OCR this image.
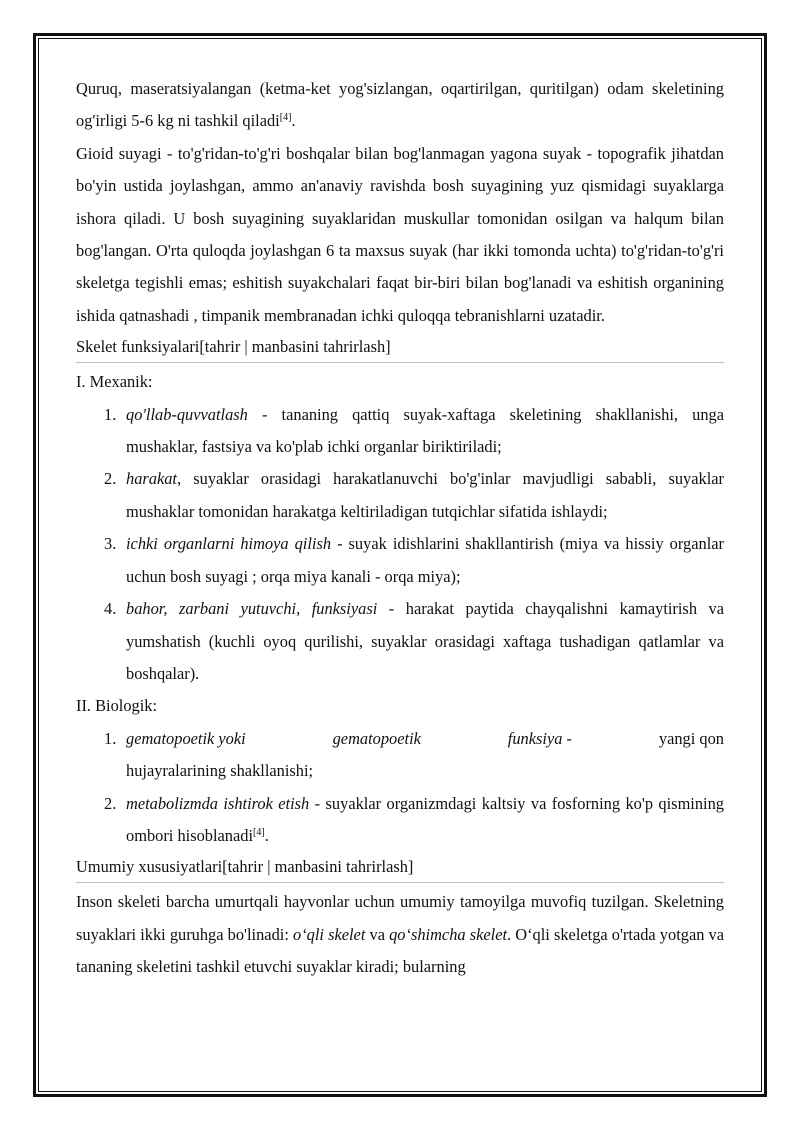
Quruq, maseratsiyalangan (ketma-ket yog'sizlangan, oqartirilgan, quritilgan) odam skeletining og'irligi 5-6 kg ni tashkil qiladi[4].

Gioid suyagi - to'g'ridan-to'g'ri boshqalar bilan bog'lanmagan yagona suyak - topografik jihatdan bo'yin ustida joylashgan, ammo an'anaviy ravishda bosh suyagining yuz qismidagi suyaklarga ishora qiladi. U bosh suyagining suyaklaridan muskullar tomonidan osilgan va halqum bilan bog'langan. O'rta quloqda joylashgan 6 ta maxsus suyak (har ikki tomonda uchta) to'g'ridan-to'g'ri skeletga tegishli emas; eshitish suyakchalari faqat bir-biri bilan bog'lanadi va eshitish organining ishida qatnashadi , timpanik membranadan ichki quloqqa tebranishlarni uzatadir.

Skelet funksiyalari[tahrir | manbasini tahrirlash]
I. Mexanik:
1. qo'llab-quvvatlash - tananing qattiq suyak-xaftaga skeletining shakllanishi, unga mushaklar, fastsiya va ko'plab ichki organlar biriktiriladi;
2. harakat, suyaklar orasidagi harakatlanuvchi bo'g'inlar mavjudligi sababli, suyaklar mushaklar tomonidan harakatga keltiriladigan tutqichlar sifatida ishlaydi;
3. ichki organlarni himoya qilish - suyak idishlarini shakllantirish (miya va hissiy organlar uchun bosh suyagi ; orqa miya kanali - orqa miya);
4. bahor, zarbani yutuvchi, funksiyasi - harakat paytida chayqalishni kamaytirish va yumshatish (kuchli oyoq qurilishi, suyaklar orasidagi xaftaga tushadigan qatlamlar va boshqalar).
II. Biologik:
1. gematopoetik yoki	gematopoetik	funksiya -	yangi qon
hujayralarining shakllanishi;
2. metabolizmda ishtirok etish - suyaklar organizmdagi kaltsiy va fosforning ko'p qismining ombori hisoblanadi[4].
Umumiy xususiyatlari[tahrir | manbasini tahrirlash]

Inson skeleti barcha umurtqali hayvonlar uchun umumiy tamoyilga muvofiq tuzilgan. Skeletning suyaklari ikki guruhga bo'linadi: o‘qli skelet va qo‘shimcha skelet. O‘qli skeletga o'rtada yotgan va tananing skeletini tashkil etuvchi suyaklar kiradi; bularning
